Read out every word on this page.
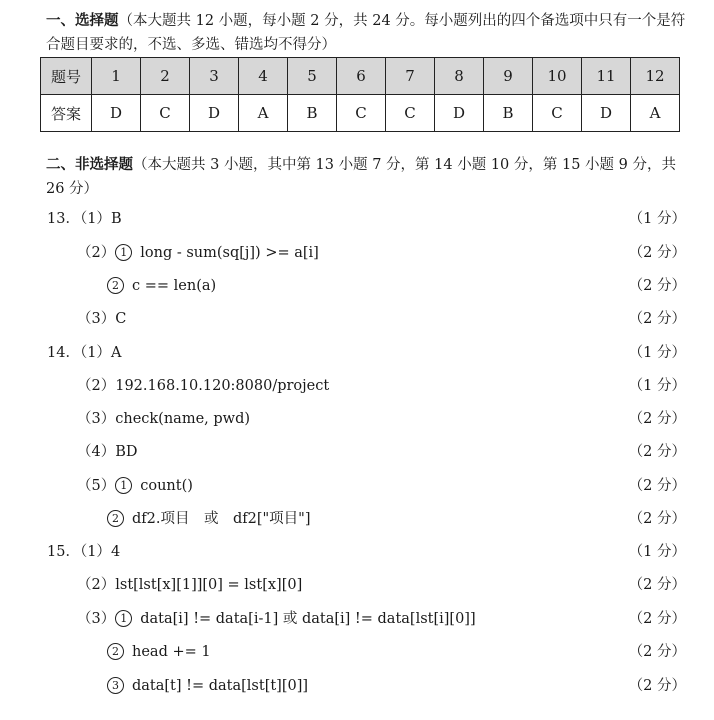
一、选择题（本大题共 12 小题，每小题 2 分，共 24 分。每小题列出的四个备选项中只有一个是符合题目要求的，不选、多选、错选均不得分）
题号	1	2	3	4	5	6	7	8	9	10	11	12
答案	D	C	D	A	B	C	C	D	B	C	D	A
二、非选择题（本大题共 3 小题，其中第 13 小题 7 分，第 14 小题 10 分，第 15 小题 9 分，共 26 分）
13．（1）B	（1 分）
（2） 1 long - sum(sq[j]) >= a[i]	（2 分）
2 c == len(a)	（2 分）
（3）C	（2 分）
14．（1）A	（1 分）
（2）192.168.10.120:8080/project	（1 分）
（3）check(name, pwd)	（2 分）
（4）BD	（2 分）
（5） 1 count()	（2 分）
2 df2.项目　或　df2["项目"]	（2 分）
15．（1）4	（1 分）
（2）lst[lst[x][1]][0] = lst[x][0]	（2 分）
（3） 1 data[i] != data[i-1] 或 data[i] != data[lst[i][0]]	（2 分）
2 head += 1	（2 分）
3 data[t] != data[lst[t][0]]	（2 分）
